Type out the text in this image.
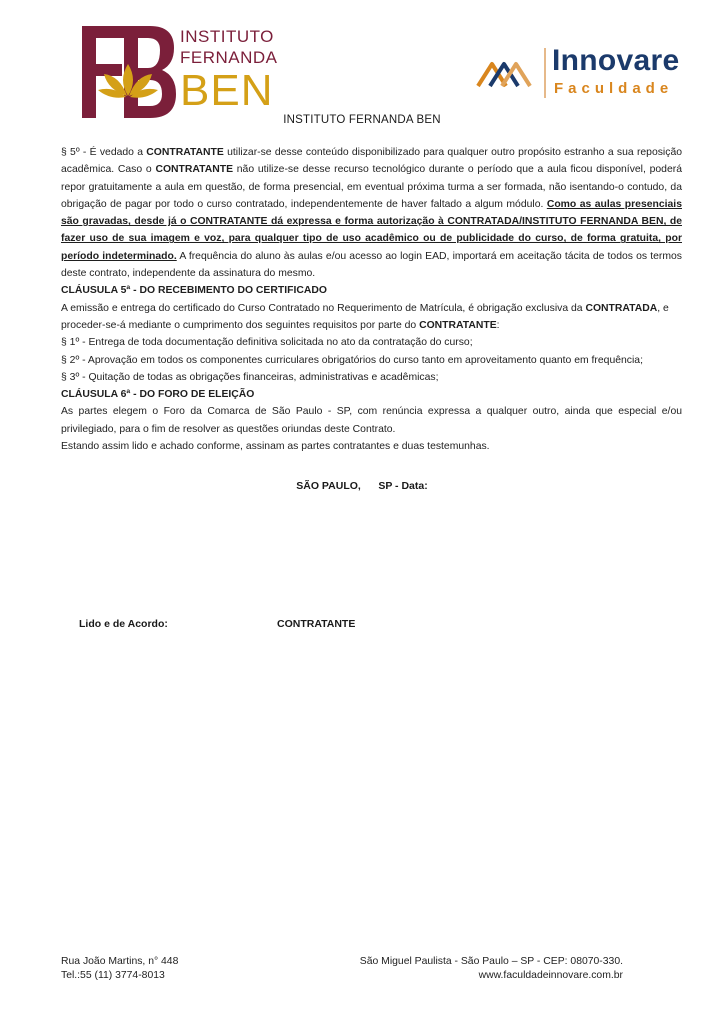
INSTITUTO
FERNANDA
BEN
Innovare
Faculdade
INSTITUTO FERNANDA BEN

§ 5º - É vedado a CONTRATANTE utilizar-se desse conteúdo disponibilizado para qualquer outro propósito estranho a sua reposição acadêmica. Caso o CONTRATANTE não utilize-se desse recurso tecnológico durante o período que a aula ficou disponível, poderá repor gratuitamente a aula em questão, de forma presencial, em eventual próxima turma a ser formada, não isentando-o contudo, da obrigação de pagar por todo o curso contratado, independentemente de haver faltado a algum módulo. Como as aulas presenciais são gravadas, desde já o CONTRATANTE dá expressa e forma autorização à CONTRATADA/INSTITUTO FERNANDA BEN, de fazer uso de sua imagem e voz, para qualquer tipo de uso acadêmico ou de publicidade do curso, de forma gratuita, por período indeterminado. A frequência do aluno às aulas e/ou acesso ao login EAD, importará em aceitação tácita de todos os termos deste contrato, independente da assinatura do mesmo.

CLÁUSULA 5ª - DO RECEBIMENTO DO CERTIFICADO

A emissão e entrega do certificado do Curso Contratado no Requerimento de Matrícula, é obrigação exclusiva da CONTRATADA, e proceder-se-á mediante o cumprimento dos seguintes requisitos por parte do CONTRATANTE:

§ 1º - Entrega de toda documentação definitiva solicitada no ato da contratação do curso;

§ 2º - Aprovação em todos os componentes curriculares obrigatórios do curso tanto em aproveitamento quanto em frequência;

§ 3º - Quitação de todas as obrigações financeiras, administrativas e acadêmicas;

CLÁUSULA 6ª - DO FORO DE ELEIÇÃO

As partes elegem o Foro da Comarca de São Paulo - SP, com renúncia expressa a qualquer outro, ainda que especial e/ou privilegiado, para o fim de resolver as questões oriundas deste Contrato.

Estando assim lido e achado conforme, assinam as partes contratantes e duas testemunhas.

SÃO PAULO,      SP - Data:
Lido e de Acordo:	CONTRATANTE
Rua João Martins, n° 448
Tel.:55 (11) 3774-8013
São Miguel Paulista - São Paulo – SP - CEP: 08070-330.
www.faculdadeinnovare.com.br
